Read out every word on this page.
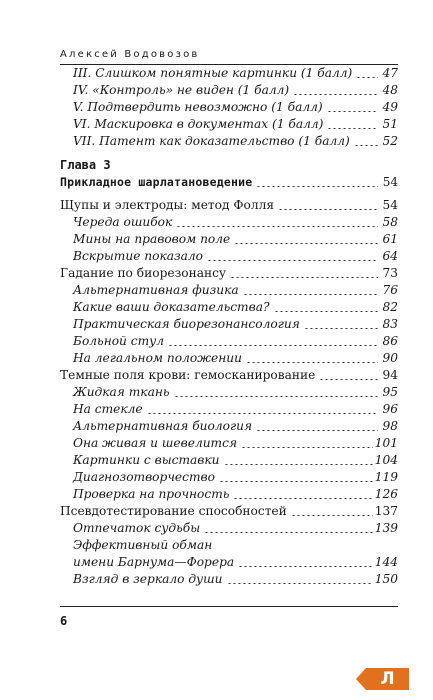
Алексей Водовозов
III. Слишком понятные картинки (1 балл) 47
IV. «Контроль» не виден (1 балл)	48
V. Подтвердить невозможно (1 балл)	49
VI. Маскировка в документах (1 балл)	51
VII. Патент как доказательство (1 балл)	52
Глава 3
Прикладное шарлатановедение	54
Щупы и электроды: метод Фолля	54
Череда ошибок	58
Мины на правовом поле	61
Вскрытие показало	64
Гадание по биорезонансу	73
Альтернативная физика	76
Какие ваши доказательства?	82
Практическая биорезонансология	83
Больной стул	86
На легальном положении	90
Темные поля крови: гемосканирование	94
Жидкая ткань	95
На стекле	96
Альтернативная биология	98
Она живая и шевелится	101
Картинки с выставки	104
Диагнозотворчество	119
Проверка на прочность	126
Псевдотестирование способностей	137
Отпечаток судьбы	139
Эффективный обман
имени Барнума—Форера	144
Взгляд в зеркало души	150
6
Л
